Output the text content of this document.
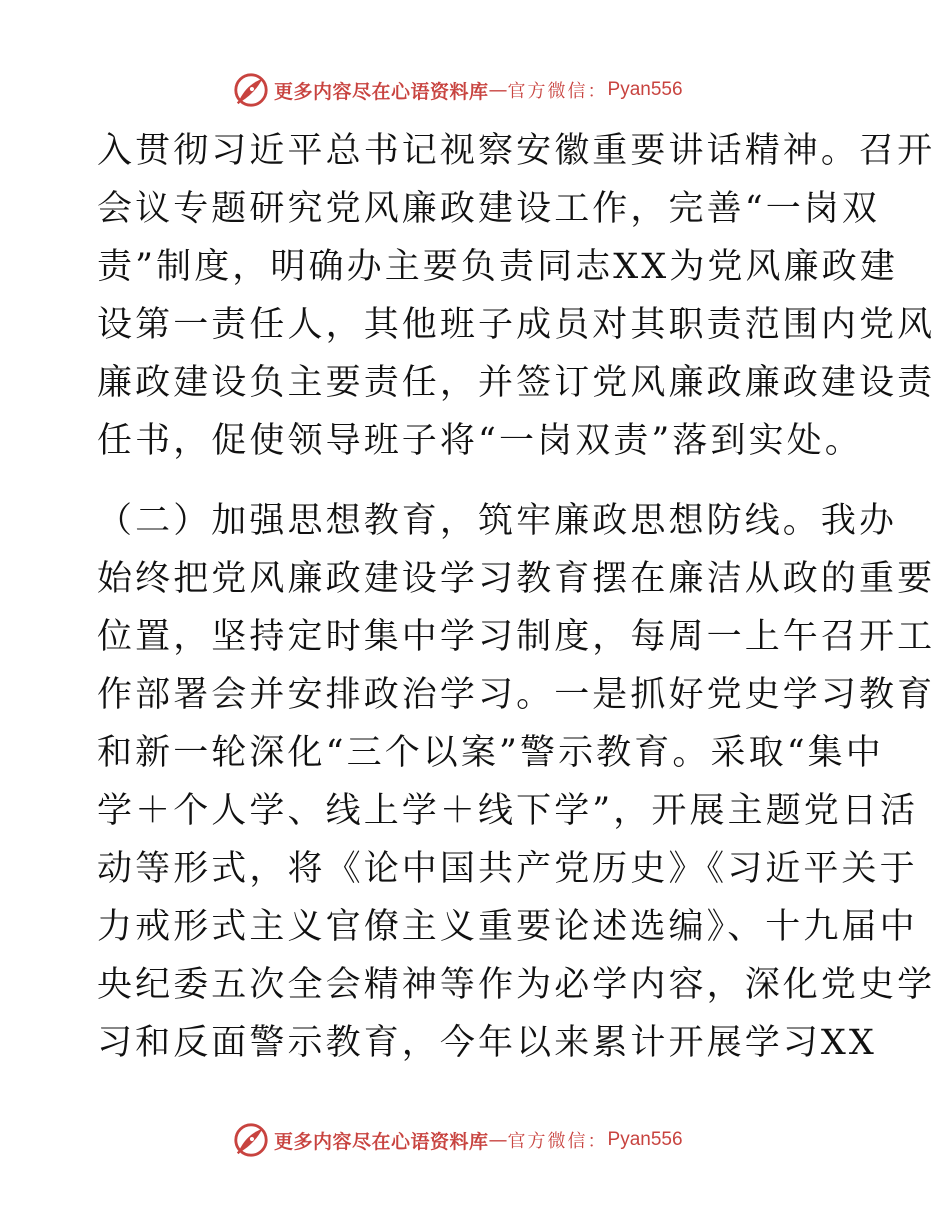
更多内容尽在心语资料库 — 官方微信： Pyan556
入贯彻习近平总书记视察安徽重要讲话精神。召开
会议专题研究党风廉政建设工作，完善“一岗双
责”制度，明确办主要负责同志XX为党风廉政建
设第一责任人，其他班子成员对其职责范围内党风
廉政建设负主要责任，并签订党风廉政廉政建设责
任书，促使领导班子将“一岗双责”落到实处。
（二）加强思想教育，筑牢廉政思想防线。我办
始终把党风廉政建设学习教育摆在廉洁从政的重要
位置，坚持定时集中学习制度，每周一上午召开工
作部署会并安排政治学习。一是抓好党史学习教育
和新一轮深化“三个以案”警示教育。采取“集中
学＋个人学、线上学＋线下学”，开展主题党日活
动等形式，将《论中国共产党历史》《习近平关于
力戒形式主义官僚主义重要论述选编》、十九届中
央纪委五次全会精神等作为必学内容，深化党史学
习和反面警示教育，今年以来累计开展学习XX
更多内容尽在心语资料库 — 官方微信： Pyan556
